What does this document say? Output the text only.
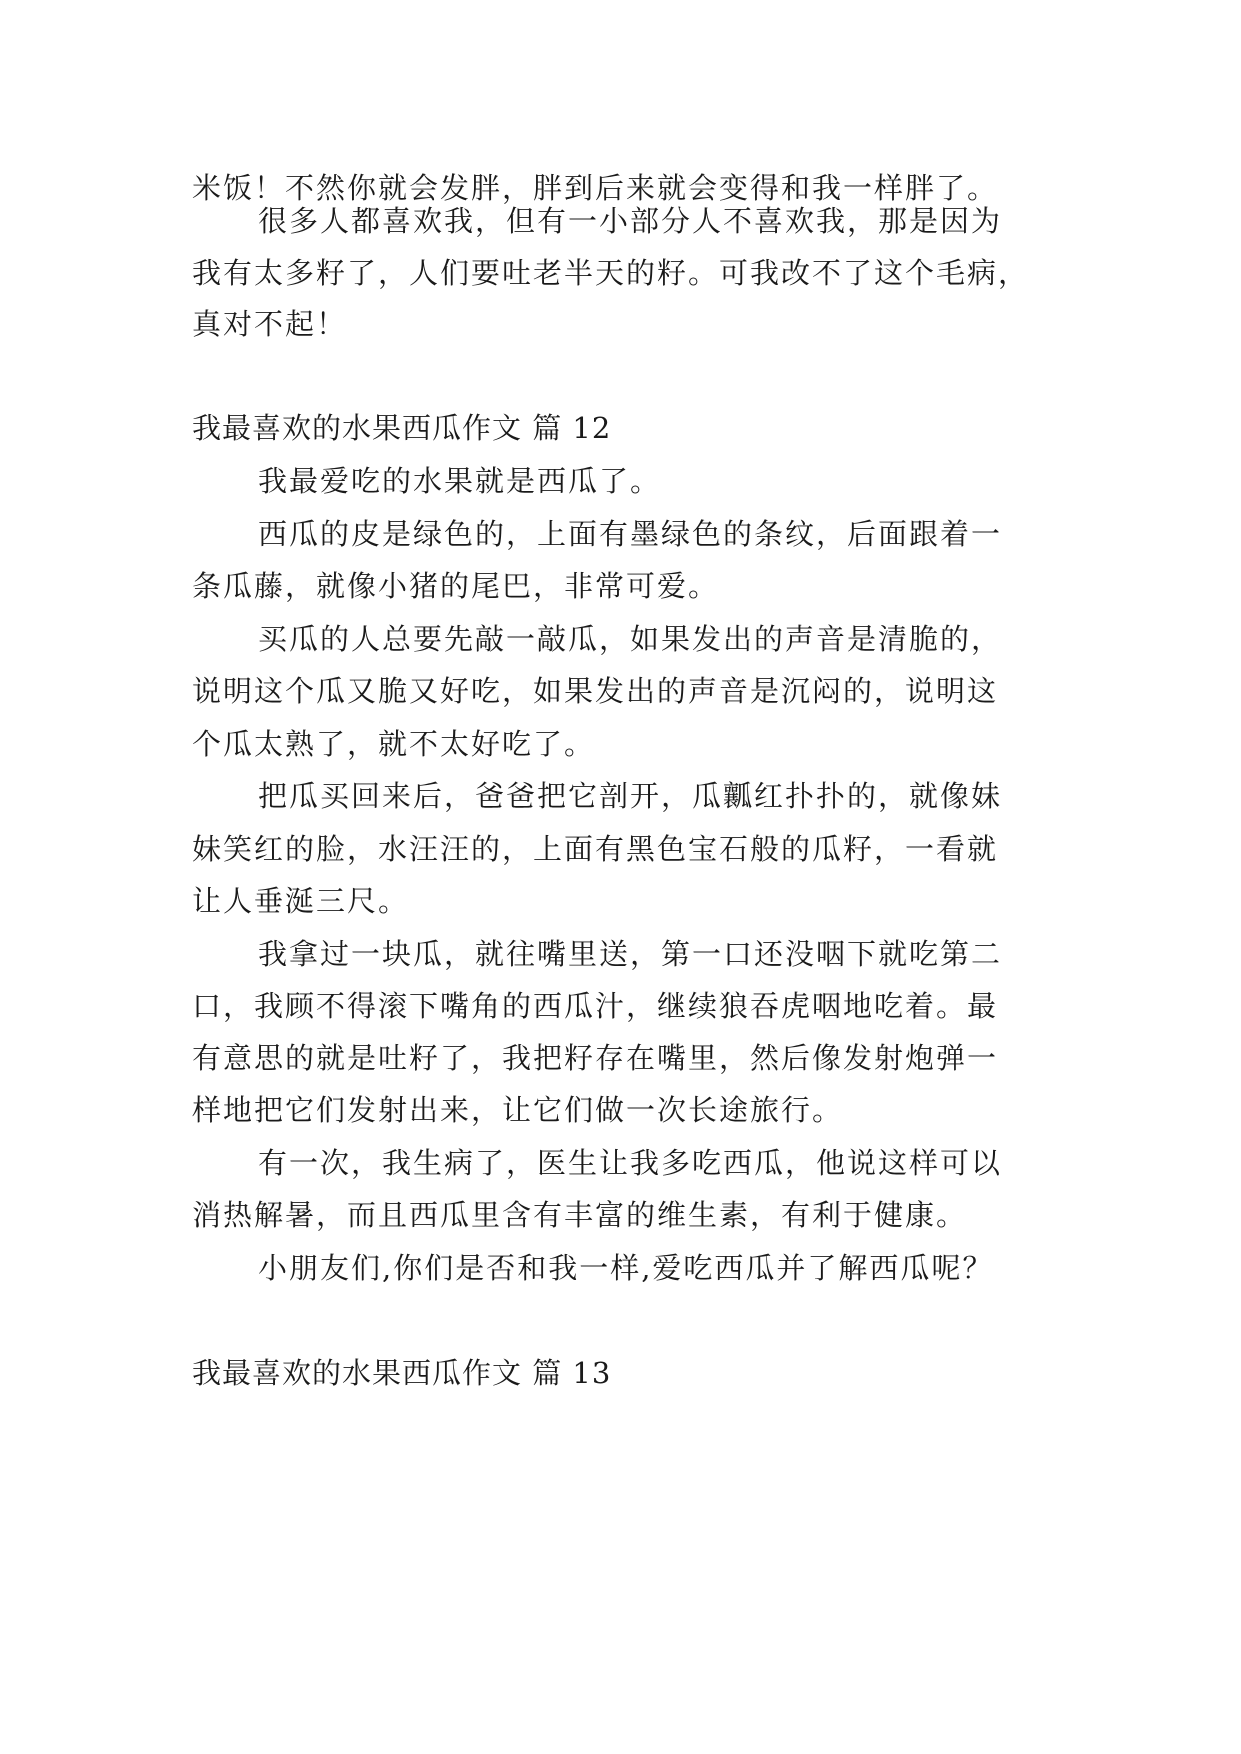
米饭！不然你就会发胖，胖到后来就会变得和我一样胖了。
很多人都喜欢我，但有一小部分人不喜欢我，那是因为
我有太多籽了，人们要吐老半天的籽。可我改不了这个毛病，
真对不起！
我最喜欢的水果西瓜作文 篇 12
我最爱吃的水果就是西瓜了。
西瓜的皮是绿色的，上面有墨绿色的条纹，后面跟着一
条瓜藤，就像小猪的尾巴，非常可爱。
买瓜的人总要先敲一敲瓜，如果发出的声音是清脆的，
说明这个瓜又脆又好吃，如果发出的声音是沉闷的，说明这
个瓜太熟了，就不太好吃了。
把瓜买回来后，爸爸把它剖开，瓜瓤红扑扑的，就像妹
妹笑红的脸，水汪汪的，上面有黑色宝石般的瓜籽，一看就
让人垂涎三尺。
我拿过一块瓜，就往嘴里送，第一口还没咽下就吃第二
口，我顾不得滚下嘴角的西瓜汁，继续狼吞虎咽地吃着。最
有意思的就是吐籽了，我把籽存在嘴里，然后像发射炮弹一
样地把它们发射出来，让它们做一次长途旅行。
有一次，我生病了，医生让我多吃西瓜，他说这样可以
消热解暑，而且西瓜里含有丰富的维生素，有利于健康。
小朋友们,你们是否和我一样,爱吃西瓜并了解西瓜呢？
我最喜欢的水果西瓜作文 篇 13
